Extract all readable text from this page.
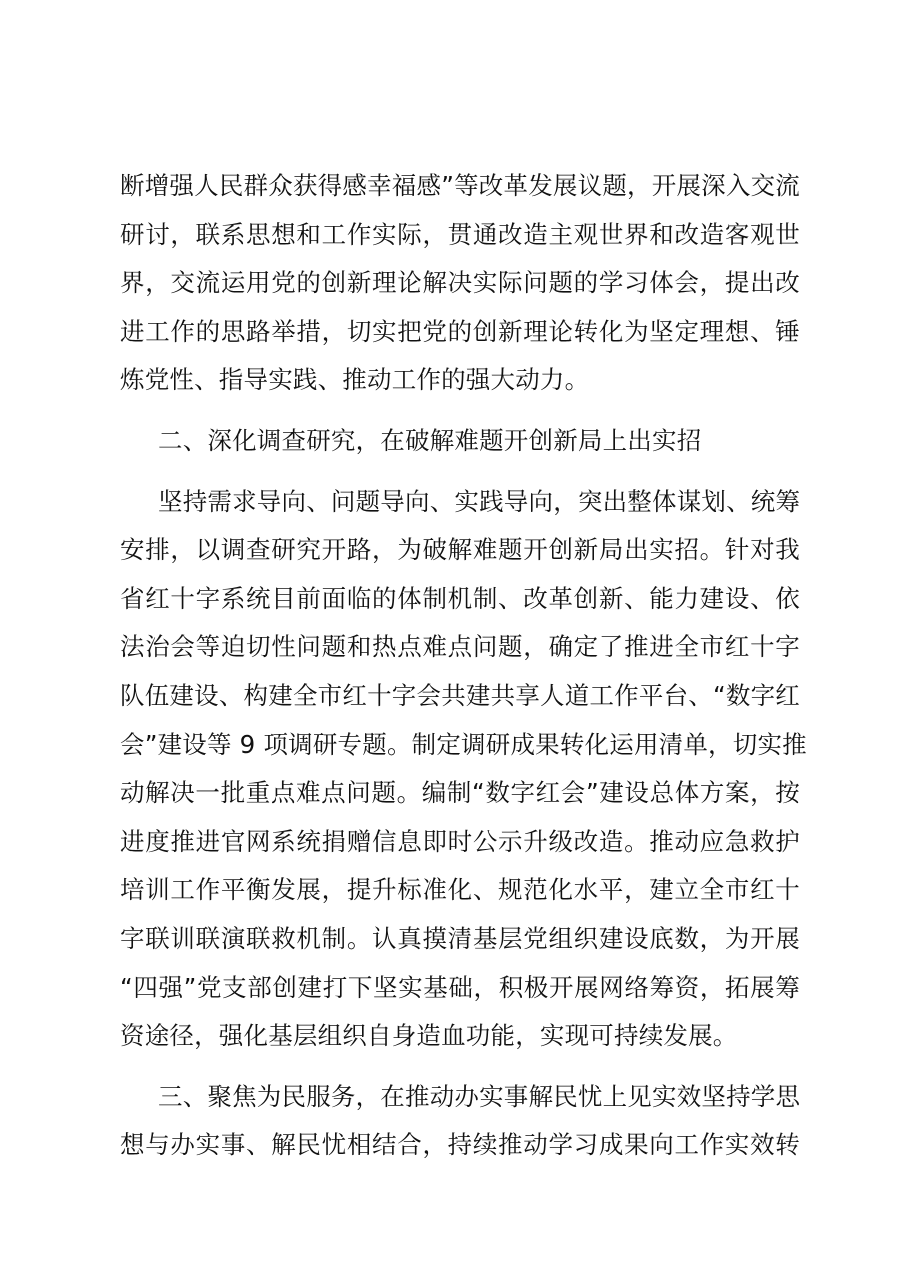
断增强人民群众获得感幸福感”等改革发展议题，开展深入交流
研讨，联系思想和工作实际，贯通改造主观世界和改造客观世
界，交流运用党的创新理论解决实际问题的学习体会，提出改
进工作的思路举措，切实把党的创新理论转化为坚定理想、锤
炼党性、指导实践、推动工作的强大动力。
二、深化调查研究，在破解难题开创新局上出实招
坚持需求导向、问题导向、实践导向，突出整体谋划、统筹
安排，以调查研究开路，为破解难题开创新局出实招。针对我
省红十字系统目前面临的体制机制、改革创新、能力建设、依
法治会等迫切性问题和热点难点问题，确定了推进全市红十字
队伍建设、构建全市红十字会共建共享人道工作平台、“数字红
会”建设等 9 项调研专题。制定调研成果转化运用清单，切实推
动解决一批重点难点问题。编制“数字红会”建设总体方案，按
进度推进官网系统捐赠信息即时公示升级改造。推动应急救护
培训工作平衡发展，提升标准化、规范化水平，建立全市红十
字联训联演联救机制。认真摸清基层党组织建设底数，为开展
“四强”党支部创建打下坚实基础，积极开展网络筹资，拓展筹
资途径，强化基层组织自身造血功能，实现可持续发展。
三、聚焦为民服务，在推动办实事解民忧上见实效坚持学思
想与办实事、解民忧相结合，持续推动学习成果向工作实效转
